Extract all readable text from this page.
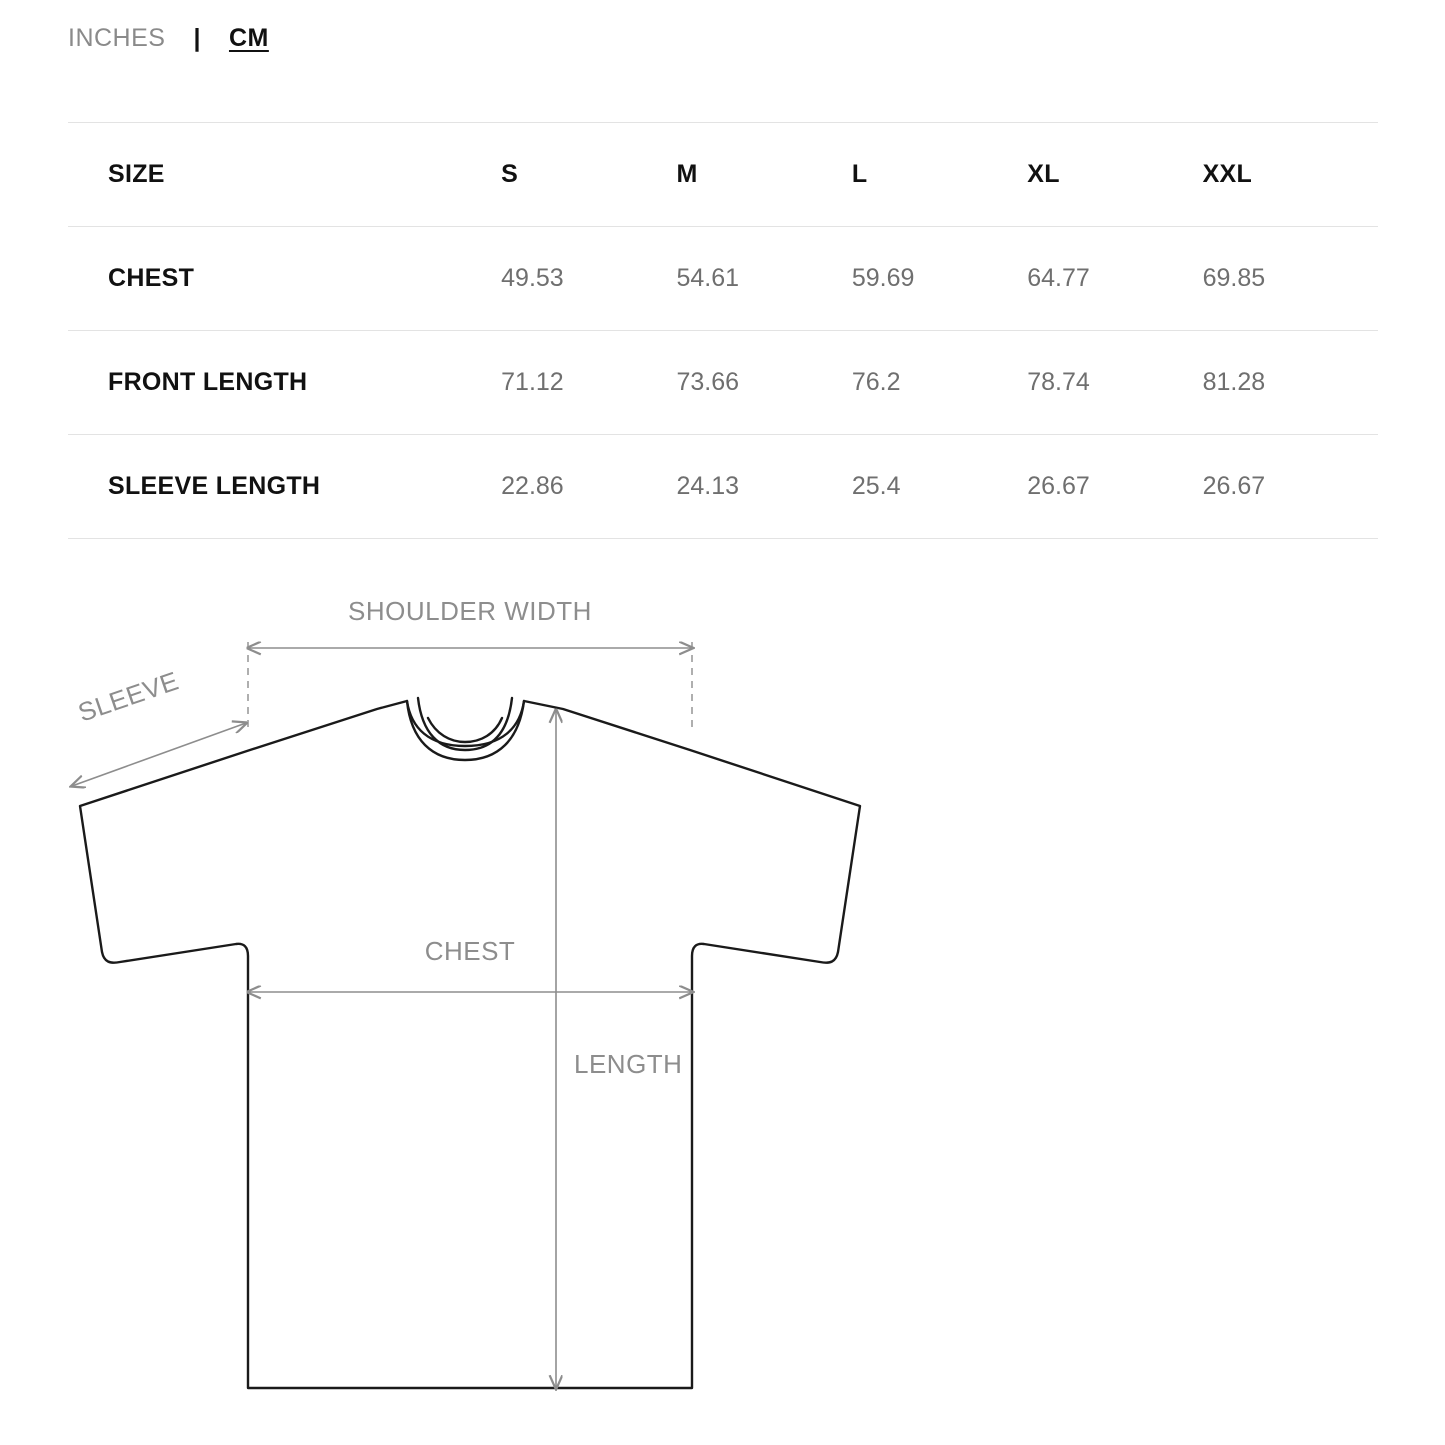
INCHES	|	CM
SIZE	S	M	L	XL	XXL
CHEST	49.53	54.61	59.69	64.77	69.85
FRONT LENGTH	71.12	73.66	76.2	78.74	81.28
SLEEVE LENGTH	22.86	24.13	25.4	26.67	26.67
SHOULDER WIDTH
SLEEVE
CHEST
LENGTH
